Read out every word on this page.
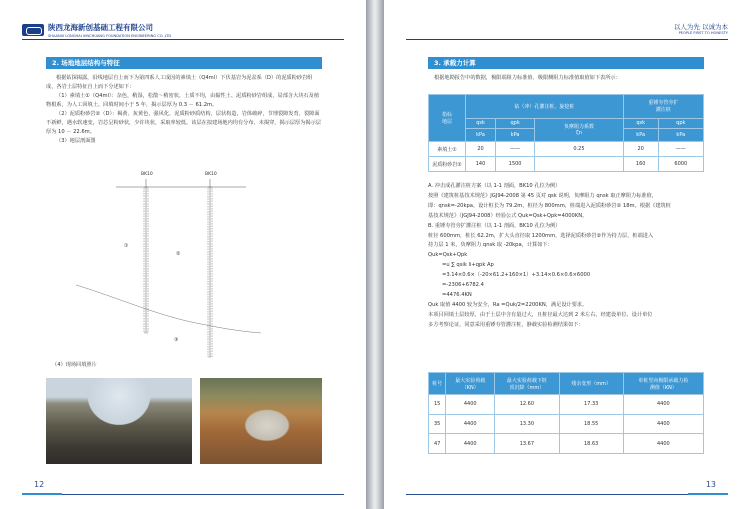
陕西龙海新创基础工程有限公司
SHAANXI LONGHAI XINCHUANG FOUNDATION ENGINEERING CO.,LTD
2. 场地地层结构与特征

根据钻探揭露，沿线地层自上而下为第四系人工成因的素填土（Q4ml）下伏基岩为泥盆系（D）的泥质粉砂岩组成，各岩土层特征自上而下分述如下：

（1）素填土①（Q4ml）：杂色，稍湿，松散～稍密状，土质不均，由黏性土、泥质粉砂岩组成，局部含大块石及植物根系，为人工回填土。回填时间小于 5 年，揭示层厚为 0.3 － 61.2m。

（2）泥质粉砂岩②（D）：褐黄、灰黄色，强风化，泥质粉砂质结构，层状构造，岩体破碎，节理裂隙发育，裂隙面不新鲜，遇水软速变，岩芯呈粉砂状，少许块状，采取率较低。该层在拟建场地内均有分布，未揭穿，揭示层厚为揭示层厚为 10 － 22.6m。

（3）地层剖面图

BK10	BK10
①
②
③
（4）现场回填照片
12
以人为先 以诚为本
PEOPLE FIRST TO HONESTY
3. 承载力计算
根据地勘报告中的数据，极限端阻力标准值、极限侧阻力标准值取值如下表所示：
指标
地层	钻（冲）孔灌注桩、旋挖桩			重锤夯管旁扩
灌注桩	
	qsk	qpk	负摩阻力系数
ζn	qsk	qpk
	kPa	kPa		kPa	kPa
素填土①	20	——	0.25	20	——
泥质粉砂岩②	140	1500		160	6000

A. 冲击成孔灌注桩方案（以 1-1 剖面，BK10 孔位为例）

按照《建筑桩基技术规范》JGJ94-2008 第 45 页对 qsk 说明，负摩阻力 qnsk 取正摩阻力标准值，

即：qnsk=-20kpa。设计桩长为 79.2m，桩径为 800mm，桩端进入泥质粉砂岩② 18m。根据《建筑桩

基技术规范》（JGJ94-2008）经验公式 Quk=Qsk+Qpk=4000KN。

B. 重锤夯管旁扩灌注桩（以 1-1 剖面，BK10 孔位为例）

桩径 600mm，桩长 62.2m，扩大头直径取 1200mm，选择泥质粉砂岩②作为持力层，桩端进入

持力层 1 米，负摩阻力 qnsk 取 -20kpa，计算如下：

Quk=Qsk+Qpk

=u ∑ qsik li+qpk Ap

=3.14×0.6×（-20×61.2+160×1）+3.14×0.6×0.6×6000

=-2306+6782.4

=4476.4KN

Quk 取值 4400 较为安全，Ra =Quk/2=2200KN，满足设计要求。

本项目回填土层较厚，由于土层中含有量过大，且桩径最大达到 2 米左右，经建设单位、设计单位

多方考察论证，同意采用重锤夯管灌注桩，静载实验检测结果如下：

桩号	最大实验荷载
（KN）	最大实验荷载下桩
顶沉降（mm）	残余变形（mm）	单桩竖向极限承载力检
测值（KN）
15	4400	12.60	17.33	4400
35	4400	13.30	18.55	4400
47	4400	13.67	18.63	4400
13
